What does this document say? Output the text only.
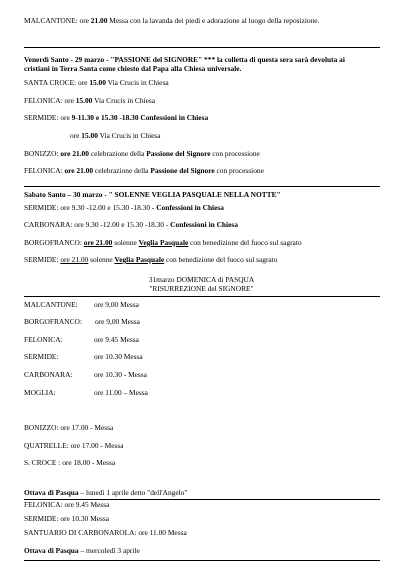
MALCANTONE: ore 21.00 Messa con la lavanda dei piedi e adorazione al luogo della reposizione.
Venerdì Santo - 29 marzo - "PASSIONE del SIGNORE" *** la colletta di questa sera sarà devoluta ai
cristiani in Terra Santa come chiesto dal Papa alla Chiesa universale.
SANTA CROCE: ore 15.00 Via Crucis in Chiesa
FELONICA: ore 15.00 Via Crucis in Chiesa
SERMIDE: ore 9-11.30 e 15.30 -18.30 Confessioni in Chiesa
ore 15.00 Via Crucis in Chiesa
BONIZZO: ore 21.00 celebrazione della Passione del Signore con processione
FELONICA: ore 21.00 celebrazione della Passione del Signore con processione
Sabato Santo – 30 marzo - " SOLENNE VEGLIA PASQUALE NELLA NOTTE"
SERMIDE: ore 9.30 -12.00 e 15.30 -18.30 - Confessioni in Chiesa
CARBONARA: ore 9.30 -12.00 e 15.30 -18.30 - Confessioni in Chiesa
BORGOFRANCO: ore 21.00 solenne Veglia Pasquale con benedizione del fuoco sul sagrato
SERMIDE: ore 21.00 solenne Veglia Pasquale con benedizione del fuoco sul sagrato
31marzo DOMENICA di PASQUA
"RISURREZIONE del SIGNORE"
MALCANTONE: ore 9,00 Messa
BORGOFRANCO: ore 9,00 Messa
FELONICA:	ore 9.45 Messa
SERMIDE:	ore 10.30 Messa
CARBONARA:	ore 10.30 - Messa
MOGLIA:	ore 11.00 – Messa
BONIZZO: ore 17.00 - Messa
QUATRELLE: ore 17.00 - Messa
S. CROCE : ore 18.00 - Messa
Ottava di Pasqua – lunedì 1 aprile detto "dell'Angelo"
FELONICA: ore 9.45 Messa
SERMIDE: ore 10.30 Messa
SANTUARIO DI CARBONAROLA: ore 11.00 Messa
Ottava di Pasqua – mercoledì 3 aprile
